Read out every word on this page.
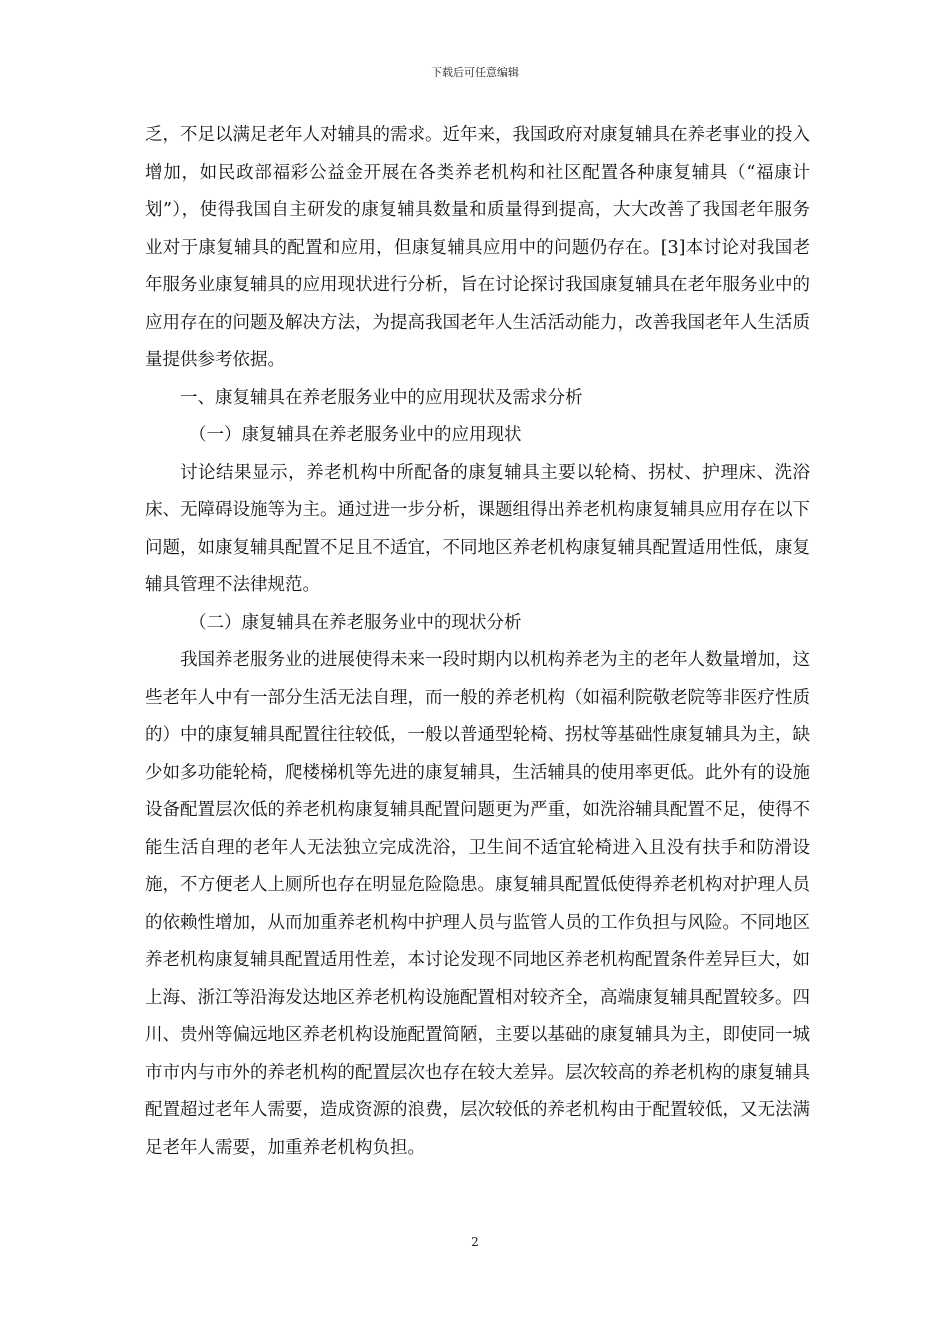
下载后可任意编辑

乏，不足以满足老年人对辅具的需求。近年来，我国政府对康复辅具在养老事业的投入增加，如民政部福彩公益金开展在各类养老机构和社区配置各种康复辅具（“福康计划”），使得我国自主研发的康复辅具数量和质量得到提高，大大改善了我国老年服务业对于康复辅具的配置和应用，但康复辅具应用中的问题仍存在。[3]本讨论对我国老年服务业康复辅具的应用现状进行分析，旨在讨论探讨我国康复辅具在老年服务业中的应用存在的问题及解决方法，为提高我国老年人生活活动能力，改善我国老年人生活质量提供参考依据。

一、康复辅具在养老服务业中的应用现状及需求分析

（一）康复辅具在养老服务业中的应用现状

讨论结果显示，养老机构中所配备的康复辅具主要以轮椅、拐杖、护理床、洗浴床、无障碍设施等为主。通过进一步分析，课题组得出养老机构康复辅具应用存在以下问题，如康复辅具配置不足且不适宜，不同地区养老机构康复辅具配置适用性低，康复辅具管理不法律规范。

（二）康复辅具在养老服务业中的现状分析

我国养老服务业的进展使得未来一段时期内以机构养老为主的老年人数量增加，这些老年人中有一部分生活无法自理，而一般的养老机构（如福利院敬老院等非医疗性质的）中的康复辅具配置往往较低，一般以普通型轮椅、拐杖等基础性康复辅具为主，缺少如多功能轮椅，爬楼梯机等先进的康复辅具，生活辅具的使用率更低。此外有的设施设备配置层次低的养老机构康复辅具配置问题更为严重，如洗浴辅具配置不足，使得不能生活自理的老年人无法独立完成洗浴，卫生间不适宜轮椅进入且没有扶手和防滑设施，不方便老人上厕所也存在明显危险隐患。康复辅具配置低使得养老机构对护理人员的依赖性增加，从而加重养老机构中护理人员与监管人员的工作负担与风险。不同地区养老机构康复辅具配置适用性差，本讨论发现不同地区养老机构配置条件差异巨大，如上海、浙江等沿海发达地区养老机构设施配置相对较齐全，高端康复辅具配置较多。四川、贵州等偏远地区养老机构设施配置简陋，主要以基础的康复辅具为主，即使同一城市市内与市外的养老机构的配置层次也存在较大差异。层次较高的养老机构的康复辅具配置超过老年人需要，造成资源的浪费，层次较低的养老机构由于配置较低，又无法满足老年人需要，加重养老机构负担。

2
